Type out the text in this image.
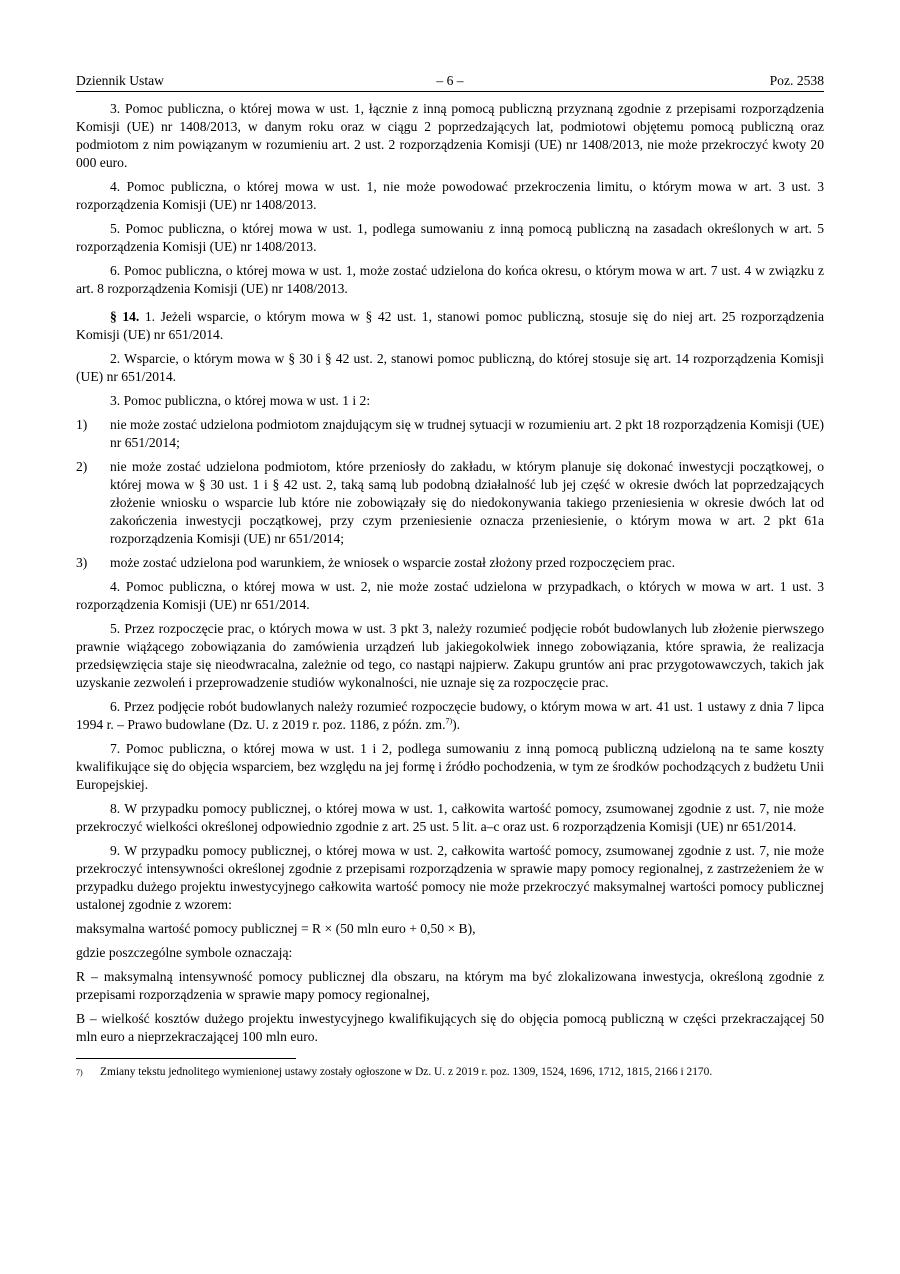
Dziennik Ustaw	– 6 –	Poz. 2538

3. Pomoc publiczna, o której mowa w ust. 1, łącznie z inną pomocą publiczną przyznaną zgodnie z przepisami rozporządzenia Komisji (UE) nr 1408/2013, w danym roku oraz w ciągu 2 poprzedzających lat, podmiotowi objętemu pomocą publiczną oraz podmiotom z nim powiązanym w rozumieniu art. 2 ust. 2 rozporządzenia Komisji (UE) nr 1408/2013, nie może przekroczyć kwoty 20 000 euro.

4. Pomoc publiczna, o której mowa w ust. 1, nie może powodować przekroczenia limitu, o którym mowa w art. 3 ust. 3 rozporządzenia Komisji (UE) nr 1408/2013.

5. Pomoc publiczna, o której mowa w ust. 1, podlega sumowaniu z inną pomocą publiczną na zasadach określonych w art. 5 rozporządzenia Komisji (UE) nr 1408/2013.

6. Pomoc publiczna, o której mowa w ust. 1, może zostać udzielona do końca okresu, o którym mowa w art. 7 ust. 4 w związku z art. 8 rozporządzenia Komisji (UE) nr 1408/2013.

§ 14. 1. Jeżeli wsparcie, o którym mowa w § 42 ust. 1, stanowi pomoc publiczną, stosuje się do niej art. 25 rozporządzenia Komisji (UE) nr 651/2014.

2. Wsparcie, o którym mowa w § 30 i § 42 ust. 2, stanowi pomoc publiczną, do której stosuje się art. 14 rozporządzenia Komisji (UE) nr 651/2014.

3. Pomoc publiczna, o której mowa w ust. 1 i 2:

1)	nie może zostać udzielona podmiotom znajdującym się w trudnej sytuacji w rozumieniu art. 2 pkt 18 rozporządzenia Komisji (UE) nr 651/2014;
2)	nie może zostać udzielona podmiotom, które przeniosły do zakładu, w którym planuje się dokonać inwestycji początkowej, o której mowa w § 30 ust. 1 i § 42 ust. 2, taką samą lub podobną działalność lub jej część w okresie dwóch lat poprzedzających złożenie wniosku o wsparcie lub które nie zobowiązały się do niedokonywania takiego przeniesienia w okresie dwóch lat od zakończenia inwestycji początkowej, przy czym przeniesienie oznacza przeniesienie, o którym mowa w art. 2 pkt 61a rozporządzenia Komisji (UE) nr 651/2014;
3)	może zostać udzielona pod warunkiem, że wniosek o wsparcie został złożony przed rozpoczęciem prac.

4. Pomoc publiczna, o której mowa w ust. 2, nie może zostać udzielona w przypadkach, o których w mowa w art. 1 ust. 3 rozporządzenia Komisji (UE) nr 651/2014.

5. Przez rozpoczęcie prac, o których mowa w ust. 3 pkt 3, należy rozumieć podjęcie robót budowlanych lub złożenie pierwszego prawnie wiążącego zobowiązania do zamówienia urządzeń lub jakiegokolwiek innego zobowiązania, które sprawia, że realizacja przedsięwzięcia staje się nieodwracalna, zależnie od tego, co nastąpi najpierw. Zakupu gruntów ani prac przygotowawczych, takich jak uzyskanie zezwoleń i przeprowadzenie studiów wykonalności, nie uznaje się za rozpoczęcie prac.

6. Przez podjęcie robót budowlanych należy rozumieć rozpoczęcie budowy, o którym mowa w art. 41 ust. 1 ustawy z dnia 7 lipca 1994 r. – Prawo budowlane (Dz. U. z 2019 r. poz. 1186, z późn. zm.$^{7)}$).

7. Pomoc publiczna, o której mowa w ust. 1 i 2, podlega sumowaniu z inną pomocą publiczną udzieloną na te same koszty kwalifikujące się do objęcia wsparciem, bez względu na jej formę i źródło pochodzenia, w tym ze środków pochodzących z budżetu Unii Europejskiej.

8. W przypadku pomocy publicznej, o której mowa w ust. 1, całkowita wartość pomocy, zsumowanej zgodnie z ust. 7, nie może przekroczyć wielkości określonej odpowiednio zgodnie z art. 25 ust. 5 lit. a–c oraz ust. 6 rozporządzenia Komisji (UE) nr 651/2014.

9. W przypadku pomocy publicznej, o której mowa w ust. 2, całkowita wartość pomocy, zsumowanej zgodnie z ust. 7, nie może przekroczyć intensywności określonej zgodnie z przepisami rozporządzenia w sprawie mapy pomocy regionalnej, z zastrzeżeniem że w przypadku dużego projektu inwestycyjnego całkowita wartość pomocy nie może przekroczyć maksymalnej wartości pomocy publicznej ustalonej zgodnie z wzorem:

maksymalna wartość pomocy publicznej = R × (50 mln euro + 0,50 × B),

gdzie poszczególne symbole oznaczają:

R – maksymalną intensywność pomocy publicznej dla obszaru, na którym ma być zlokalizowana inwestycja, określoną zgodnie z przepisami rozporządzenia w sprawie mapy pomocy regionalnej,

B – wielkość kosztów dużego projektu inwestycyjnego kwalifikujących się do objęcia pomocą publiczną w części przekraczającej 50 mln euro a nieprzekraczającej 100 mln euro.

7)	Zmiany tekstu jednolitego wymienionej ustawy zostały ogłoszone w Dz. U. z 2019 r. poz. 1309, 1524, 1696, 1712, 1815, 2166 i 2170.
